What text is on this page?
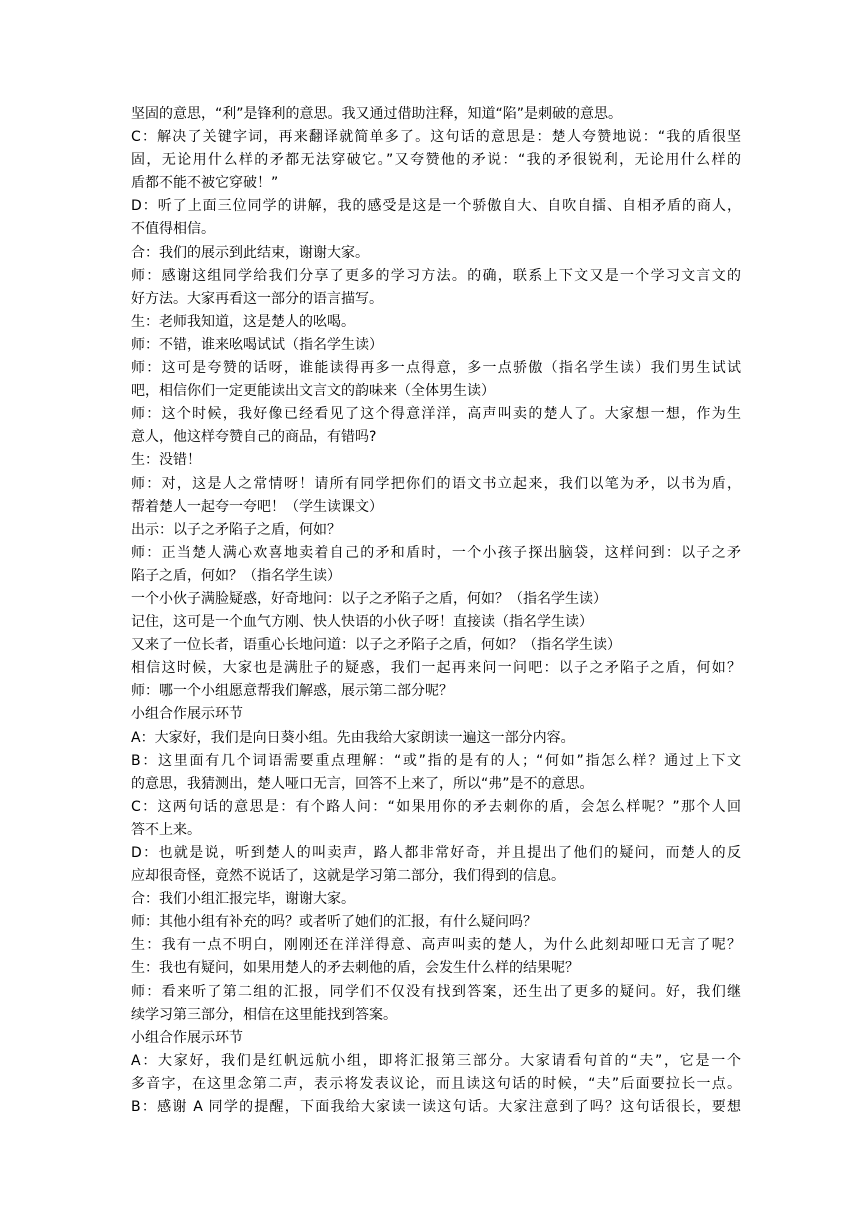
坚固的意思，“利”是锋利的意思。我又通过借助注释，知道“陷”是刺破的意思。
C：解决了关键字词，再来翻译就简单多了。这句话的意思是：楚人夸赞地说：“我的盾很坚
固，无论用什么样的矛都无法穿破它。”又夸赞他的矛说：“我的矛很锐利，无论用什么样的
盾都不能不被它穿破！”
D：听了上面三位同学的讲解，我的感受是这是一个骄傲自大、自吹自擂、自相矛盾的商人，
不值得相信。
合：我们的展示到此结束，谢谢大家。
师：感谢这组同学给我们分享了更多的学习方法。的确，联系上下文又是一个学习文言文的
好方法。大家再看这一部分的语言描写。
生：老师我知道，这是楚人的吆喝。
师：不错，谁来吆喝试试（指名学生读）
师：这可是夸赞的话呀，谁能读得再多一点得意，多一点骄傲（指名学生读）我们男生试试
吧，相信你们一定更能读出文言文的韵味来（全体男生读）
师：这个时候，我好像已经看见了这个得意洋洋，高声叫卖的楚人了。大家想一想，作为生
意人，他这样夸赞自己的商品，有错吗?
生：没错！
师：对，这是人之常情呀！请所有同学把你们的语文书立起来，我们以笔为矛，以书为盾，
帮着楚人一起夸一夸吧！（学生读课文）
出示：以子之矛陷子之盾，何如？
师：正当楚人满心欢喜地卖着自己的矛和盾时，一个小孩子探出脑袋，这样问到：以子之矛
陷子之盾，何如？（指名学生读）
一个小伙子满脸疑惑，好奇地问：以子之矛陷子之盾，何如？（指名学生读）
记住，这可是一个血气方刚、快人快语的小伙子呀！直接读（指名学生读）
又来了一位长者，语重心长地问道：以子之矛陷子之盾，何如？（指名学生读）
相信这时候，大家也是满肚子的疑惑，我们一起再来问一问吧：以子之矛陷子之盾，何如？
师：哪一个小组愿意帮我们解惑，展示第二部分呢？
小组合作展示环节
A：大家好，我们是向日葵小组。先由我给大家朗读一遍这一部分内容。
B：这里面有几个词语需要重点理解：“或”指的是有的人；“何如”指怎么样？通过上下文
的意思，我猜测出，楚人哑口无言，回答不上来了，所以“弗”是不的意思。
C：这两句话的意思是：有个路人问：“如果用你的矛去刺你的盾，会怎么样呢？”那个人回
答不上来。
D：也就是说，听到楚人的叫卖声，路人都非常好奇，并且提出了他们的疑问，而楚人的反
应却很奇怪，竟然不说话了，这就是学习第二部分，我们得到的信息。
合：我们小组汇报完毕，谢谢大家。
师：其他小组有补充的吗？或者听了她们的汇报，有什么疑问吗？
生：我有一点不明白，刚刚还在洋洋得意、高声叫卖的楚人，为什么此刻却哑口无言了呢？
生：我也有疑问，如果用楚人的矛去刺他的盾，会发生什么样的结果呢？
师：看来听了第二组的汇报，同学们不仅没有找到答案，还生出了更多的疑问。好，我们继
续学习第三部分，相信在这里能找到答案。
小组合作展示环节
A：大家好，我们是红帆远航小组，即将汇报第三部分。大家请看句首的“夫”，它是一个
多音字，在这里念第二声，表示将发表议论，而且读这句话的时候，“夫”后面要拉长一点。
B：感谢 A 同学的提醒，下面我给大家读一读这句话。大家注意到了吗？这句话很长，要想
